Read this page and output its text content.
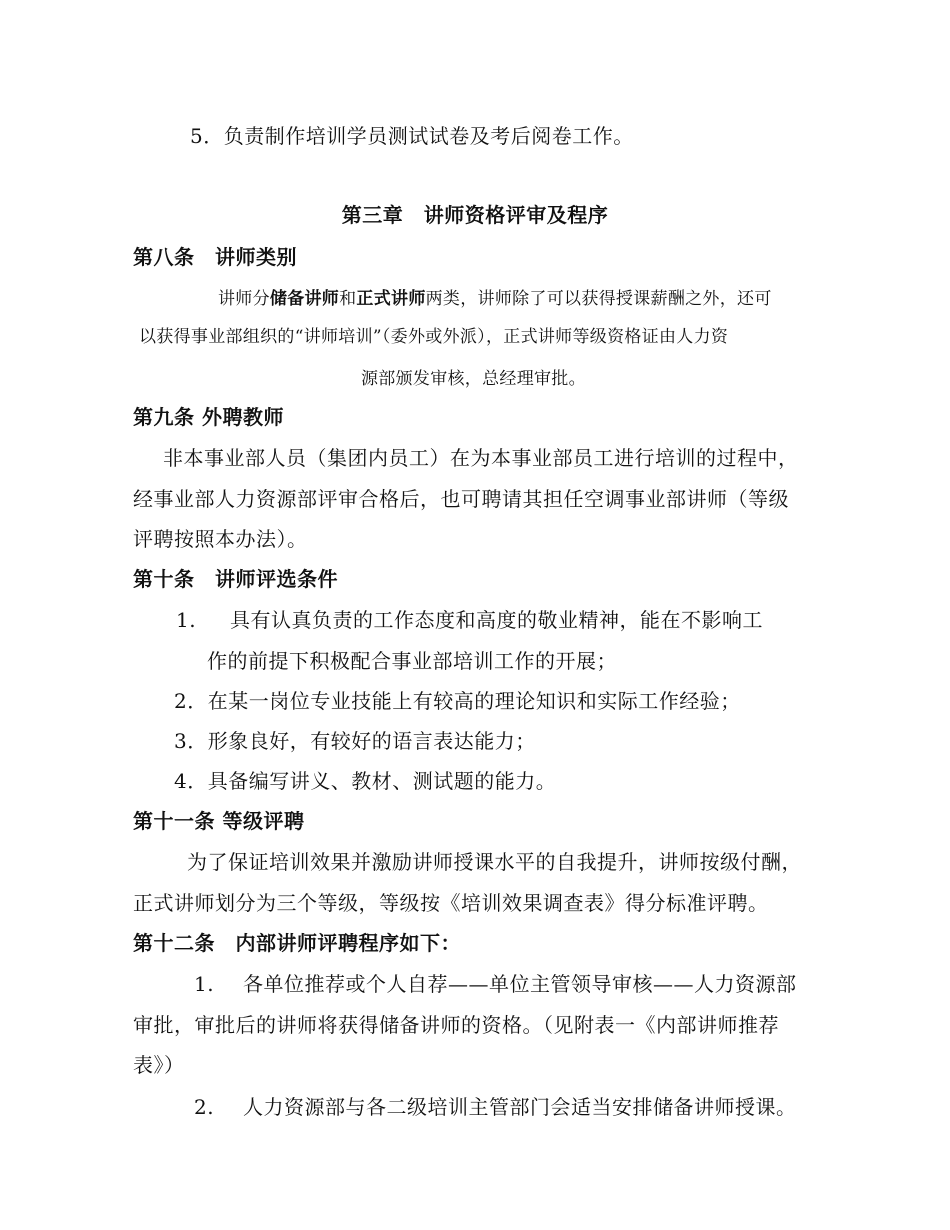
5．负责制作培训学员测试试卷及考后阅卷工作。
第三章　讲师资格评审及程序
第八条　讲师类别
讲师分储备讲师和正式讲师两类，讲师除了可以获得授课薪酬之外，还可
以获得事业部组织的“讲师培训”（委外或外派），正式讲师等级资格证由人力资
源部颁发审核，总经理审批。
第九条 外聘教师
非本事业部人员（集团内员工）在为本事业部员工进行培训的过程中，
经事业部人力资源部评审合格后，也可聘请其担任空调事业部讲师（等级
评聘按照本办法）。
第十条　讲师评选条件
1. 具有认真负责的工作态度和高度的敬业精神，能在不影响工
作的前提下积极配合事业部培训工作的开展；
2．在某一岗位专业技能上有较高的理论知识和实际工作经验；
3．形象良好，有较好的语言表达能力；
4．具备编写讲义、教材、测试题的能力。
第十一条 等级评聘
为了保证培训效果并激励讲师授课水平的自我提升，讲师按级付酬，
正式讲师划分为三个等级，等级按《培训效果调查表》得分标准评聘。
第十二条　内部讲师评聘程序如下：
1. 各单位推荐或个人自荐——单位主管领导审核——人力资源部
审批，审批后的讲师将获得储备讲师的资格。（见附表一《内部讲师推荐
表》）
2. 人力资源部与各二级培训主管部门会适当安排储备讲师授课。
